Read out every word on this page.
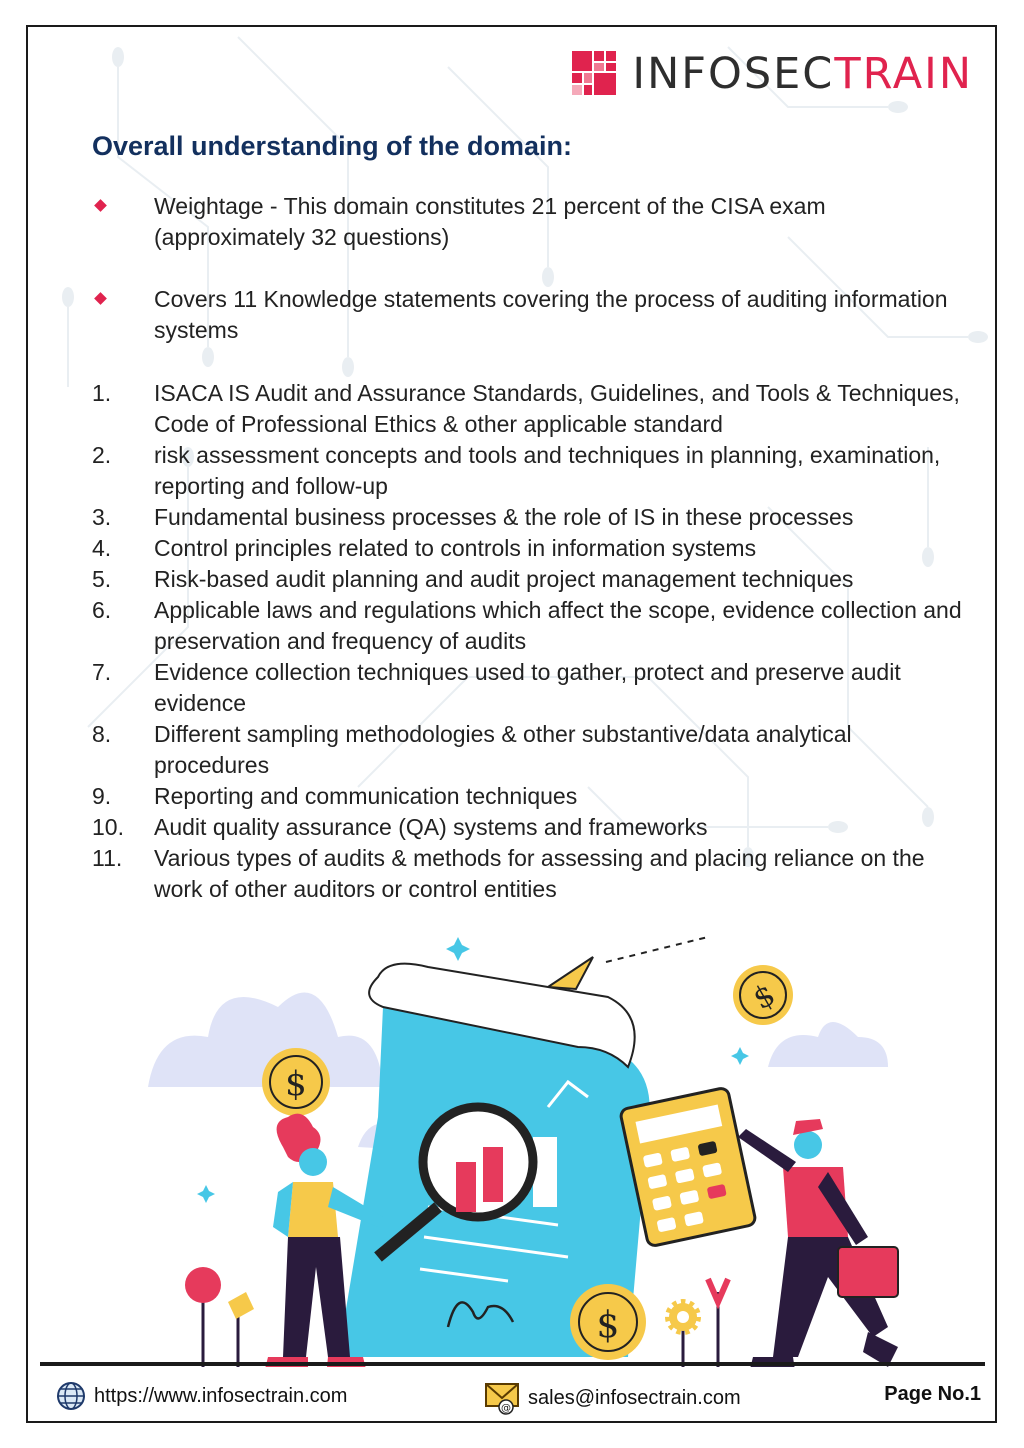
INFOSECTRAIN
Overall understanding of the domain:
Weightage - This domain constitutes 21 percent of the CISA exam (approximately 32 questions)
Covers 11 Knowledge statements covering the process of auditing information systems
1.	ISACA IS Audit and Assurance Standards, Guidelines, and Tools & Techniques, Code of Professional Ethics & other applicable standard
2.	risk assessment concepts and tools and techniques in planning, examination, reporting and follow-up
3.	Fundamental business processes & the role of IS in these processes
4.	Control principles related to controls in information systems
5.	Risk-based audit planning and audit project management techniques
6.	Applicable laws and regulations which affect the scope, evidence collection and preservation and frequency of audits
7.	Evidence collection techniques used to gather, protect and preserve audit evidence
8.	Different sampling methodologies & other substantive/data analytical procedures
9.	Reporting and communication techniques
10.	Audit quality assurance (QA) systems and frameworks
11.	Various types of audits & methods for assessing and placing reliance on the work of other auditors or control entities
$
$
$
https://www.infosectrain.com
@ sales@infosectrain.com	Page No.1
